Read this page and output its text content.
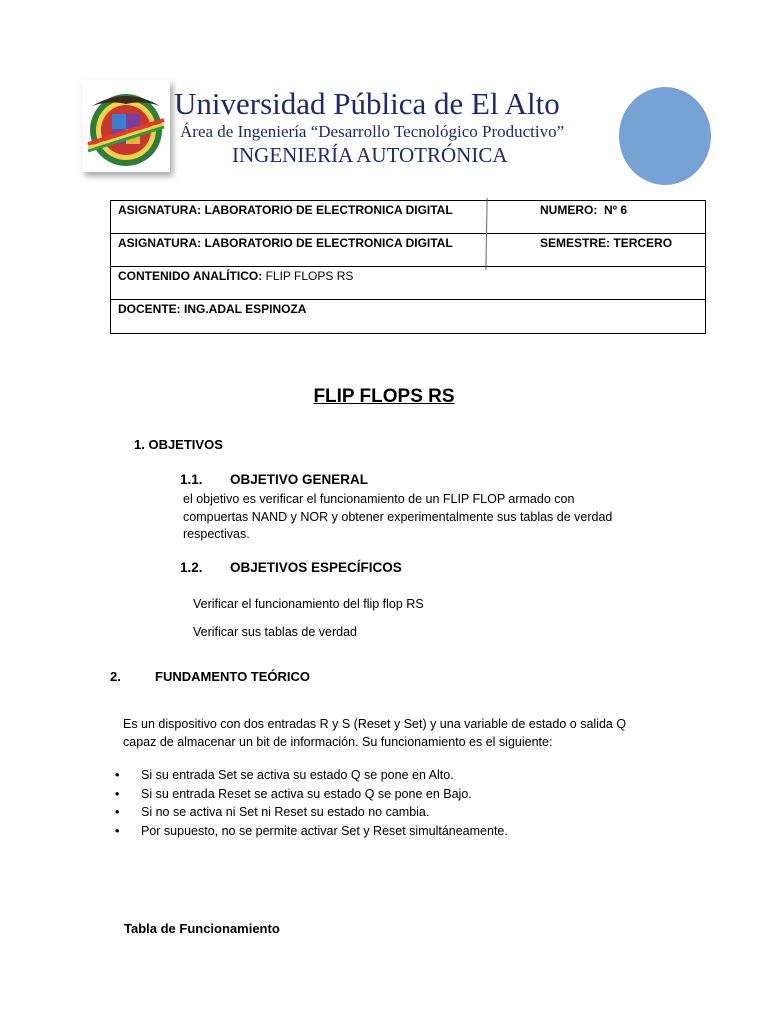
Universidad Pública de El Alto
Área de Ingeniería “Desarrollo Tecnológico Productivo”
INGENIERÍA AUTOTRÓNICA
ASIGNATURA: LABORATORIO DE ELECTRONICA DIGITAL	NUMERO: Nº 6
ASIGNATURA: LABORATORIO DE ELECTRONICA DIGITAL	SEMESTRE: TERCERO
CONTENIDO ANALÍTICO: FLIP FLOPS RS
DOCENTE: ING.ADAL ESPINOZA
FLIP FLOPS RS
1. OBJETIVOS
1.1. OBJETIVO GENERAL
el objetivo es verificar el funcionamiento de un FLIP FLOP armado con
compuertas NAND y NOR y obtener experimentalmente sus tablas de verdad
respectivas.
1.2. OBJETIVOS ESPECÍFICOS
Verificar el funcionamiento del flip flop RS
Verificar sus tablas de verdad
2.	FUNDAMENTO TEÓRICO
Es un dispositivo con dos entradas R y S (Reset y Set) y una variable de estado o salida Q
capaz de almacenar un bit de información. Su funcionamiento es el siguiente:
• Si su entrada Set se activa su estado Q se pone en Alto.
• Si su entrada Reset se activa su estado Q se pone en Bajo.
• Si no se activa ni Set ni Reset su estado no cambia.
• Por supuesto, no se permite activar Set y Reset simultáneamente.
Tabla de Funcionamiento
